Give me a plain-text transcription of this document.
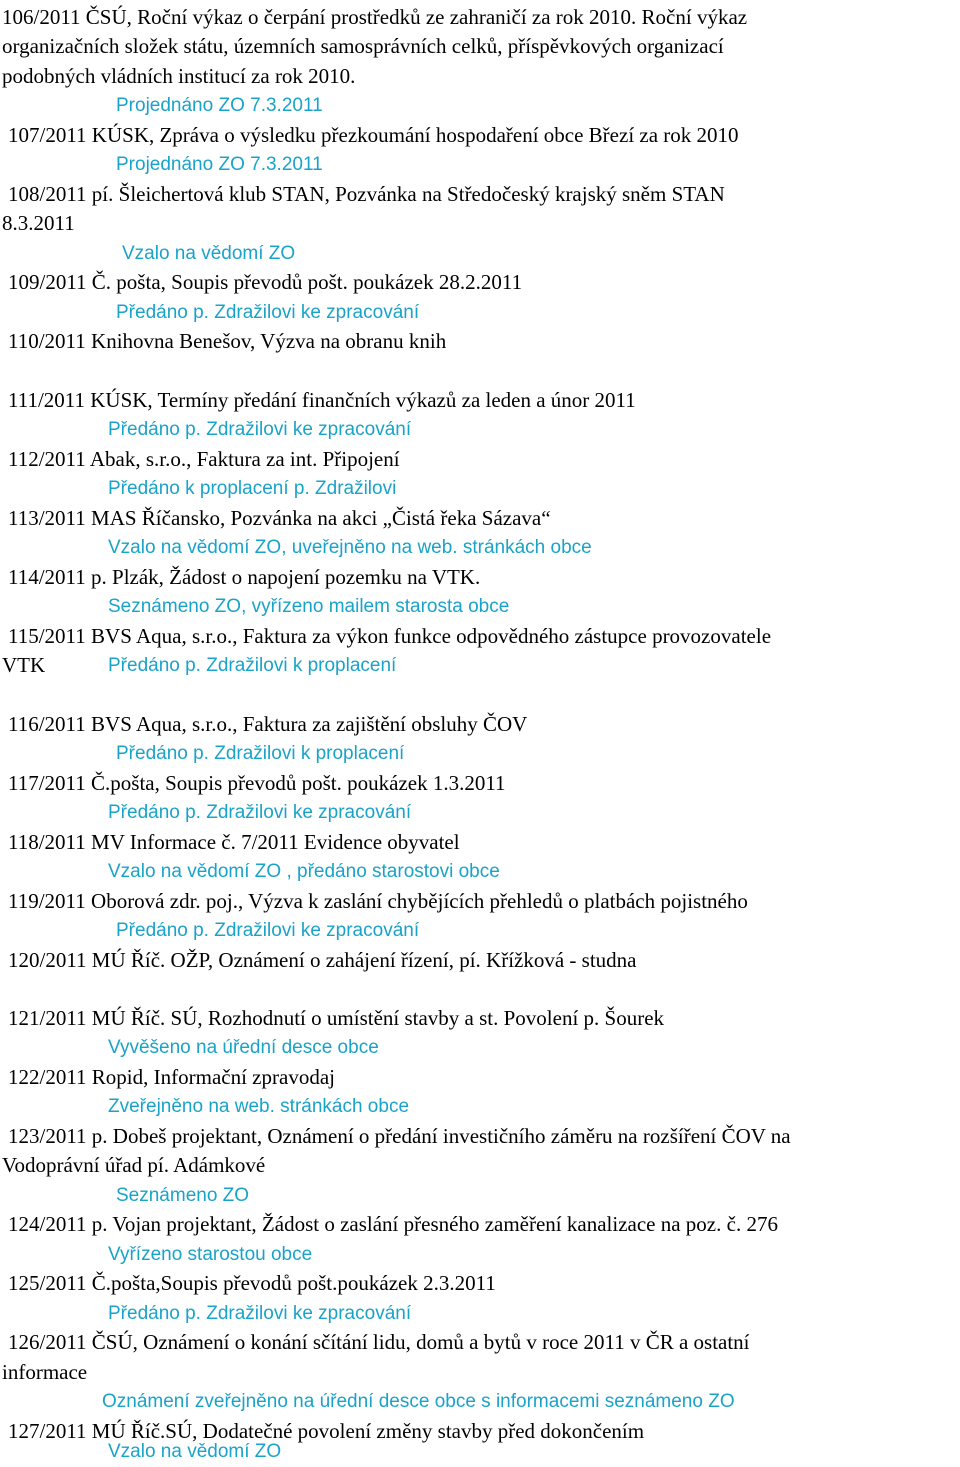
106/2011 ČSÚ, Roční výkaz o čerpání prostředků ze zahraničí za rok 2010. Roční výkaz
organizačních složek státu, územních samosprávních celků, příspěvkových organizací
podobných vládních institucí za rok 2010.
Projednáno ZO 7.3.2011
107/2011 KÚSK, Zpráva o výsledku přezkoumání hospodaření obce Březí za rok 2010
Projednáno ZO 7.3.2011
108/2011 pí. Šleichertová klub STAN, Pozvánka na Středočeský krajský sněm STAN
8.3.2011
Vzalo na vědomí ZO
109/2011 Č. pošta, Soupis převodů pošt. poukázek 28.2.2011
Předáno p. Zdražilovi ke zpracování
110/2011 Knihovna Benešov, Výzva na obranu knih
111/2011 KÚSK, Termíny předání finančních výkazů za leden a únor 2011
Předáno p. Zdražilovi ke zpracování
112/2011 Abak, s.r.o., Faktura za int. Připojení
Předáno k proplacení p. Zdražilovi
113/2011 MAS Říčansko, Pozvánka na akci „Čistá řeka Sázava“
Vzalo na vědomí ZO, uveřejněno na web. stránkách obce
114/2011 p. Plzák, Žádost o napojení pozemku na VTK.
Seznámeno ZO, vyřízeno mailem starosta obce
115/2011 BVS Aqua, s.r.o., Faktura za výkon funkce odpovědného zástupce provozovatele
VTK	Předáno p. Zdražilovi k proplacení
116/2011 BVS Aqua, s.r.o., Faktura za zajištění obsluhy ČOV
Předáno p. Zdražilovi k proplacení
117/2011 Č.pošta, Soupis převodů pošt. poukázek 1.3.2011
Předáno p. Zdražilovi ke zpracování
118/2011 MV Informace č. 7/2011 Evidence obyvatel
Vzalo na vědomí ZO , předáno starostovi obce
119/2011 Oborová zdr. poj., Výzva k zaslání chybějících přehledů o platbách pojistného
Předáno p. Zdražilovi ke zpracování
120/2011 MÚ Říč. OŽP, Oznámení o zahájení řízení, pí. Křížková - studna
121/2011 MÚ Říč. SÚ, Rozhodnutí o umístění stavby a st. Povolení p. Šourek
Vyvěšeno na úřední desce obce
122/2011 Ropid, Informační zpravodaj
Zveřejněno na web. stránkách obce
123/2011 p. Dobeš projektant, Oznámení o předání investičního záměru na rozšíření ČOV na
Vodoprávní úřad pí. Adámkové
Seznámeno ZO
124/2011 p. Vojan projektant, Žádost o zaslání přesného zaměření kanalizace na poz. č. 276
Vyřízeno starostou obce
125/2011 Č.pošta,Soupis převodů pošt.poukázek 2.3.2011
Předáno p. Zdražilovi ke zpracování
126/2011 ČSÚ, Oznámení o konání sčítání lidu, domů a bytů v roce 2011 v ČR a ostatní
informace
Oznámení zveřejněno na úřední desce obce s informacemi seznámeno ZO
127/2011 MÚ Říč.SÚ, Dodatečné povolení změny stavby před dokončením
Vzalo na vědomí ZO
